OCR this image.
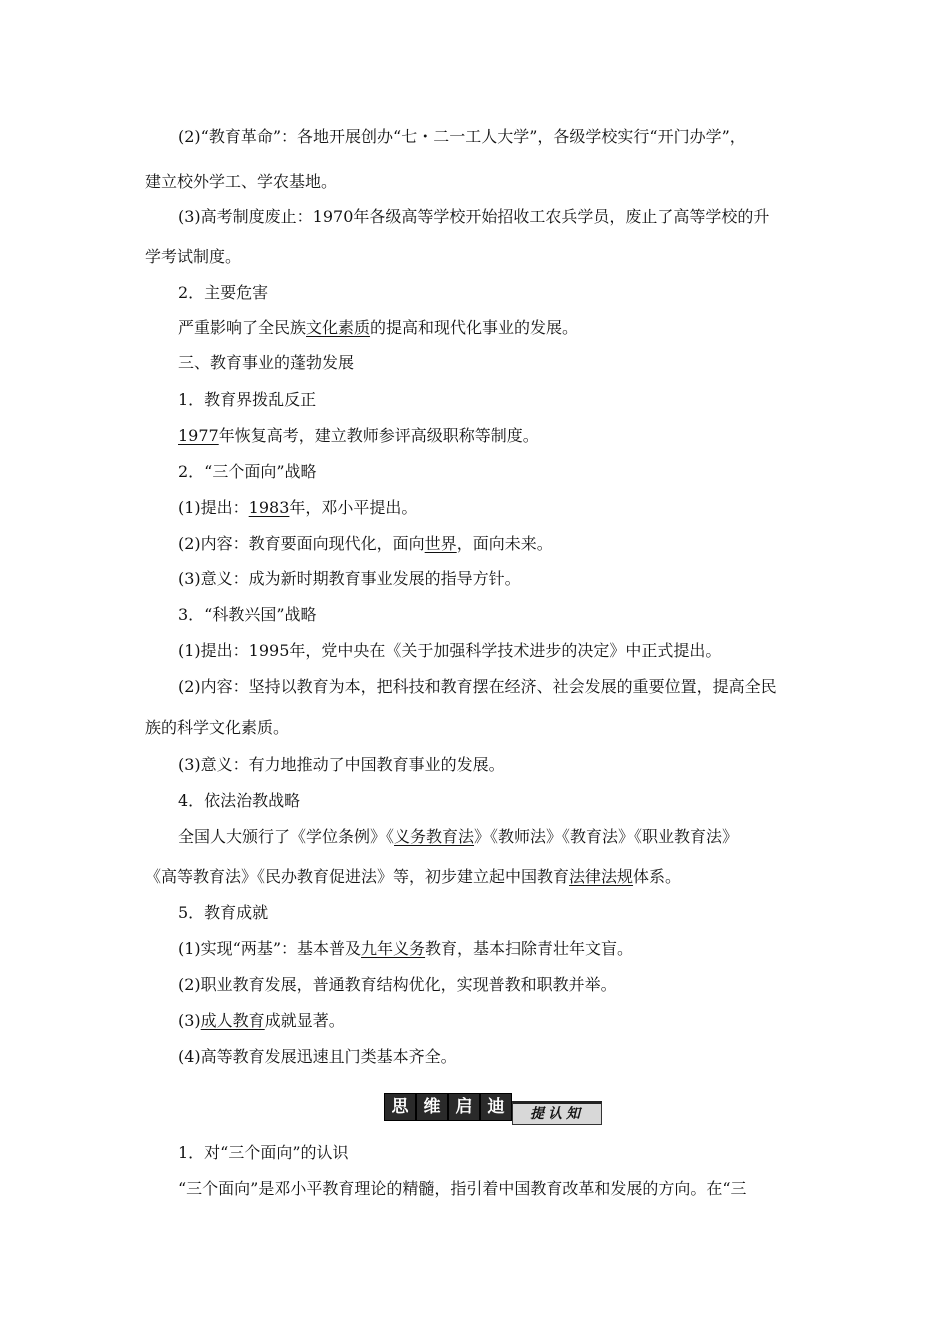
(2)“教育革命”：各地开展创办“七・二一工人大学”，各级学校实行“开门办学”，
建立校外学工、学农基地。
(3)高考制度废止：1970年各级高等学校开始招收工农兵学员，废止了高等学校的升
学考试制度。
2．主要危害
严重影响了全民族文化素质的提高和现代化事业的发展。
三、教育事业的蓬勃发展
1．教育界拨乱反正
1977年恢复高考，建立教师参评高级职称等制度。
2．“三个面向”战略
(1)提出：1983年，邓小平提出。
(2)内容：教育要面向现代化，面向世界，面向未来。
(3)意义：成为新时期教育事业发展的指导方针。
3．“科教兴国”战略
(1)提出：1995年，党中央在《关于加强科学技术进步的决定》中正式提出。
(2)内容：坚持以教育为本，把科技和教育摆在经济、社会发展的重要位置，提高全民
族的科学文化素质。
(3)意义：有力地推动了中国教育事业的发展。
4．依法治教战略
全国人大颁行了《学位条例》《义务教育法》《教师法》《教育法》《职业教育法》
《高等教育法》《民办教育促进法》等，初步建立起中国教育法律法规体系。
5．教育成就
(1)实现“两基”：基本普及九年义务教育，基本扫除青壮年文盲。
(2)职业教育发展，普通教育结构优化，实现普教和职教并举。
(3)成人教育成就显著。
(4)高等教育发展迅速且门类基本齐全。
思 维 启 迪	提认知
1．对“三个面向”的认识
“三个面向”是邓小平教育理论的精髓，指引着中国教育改革和发展的方向。在“三
